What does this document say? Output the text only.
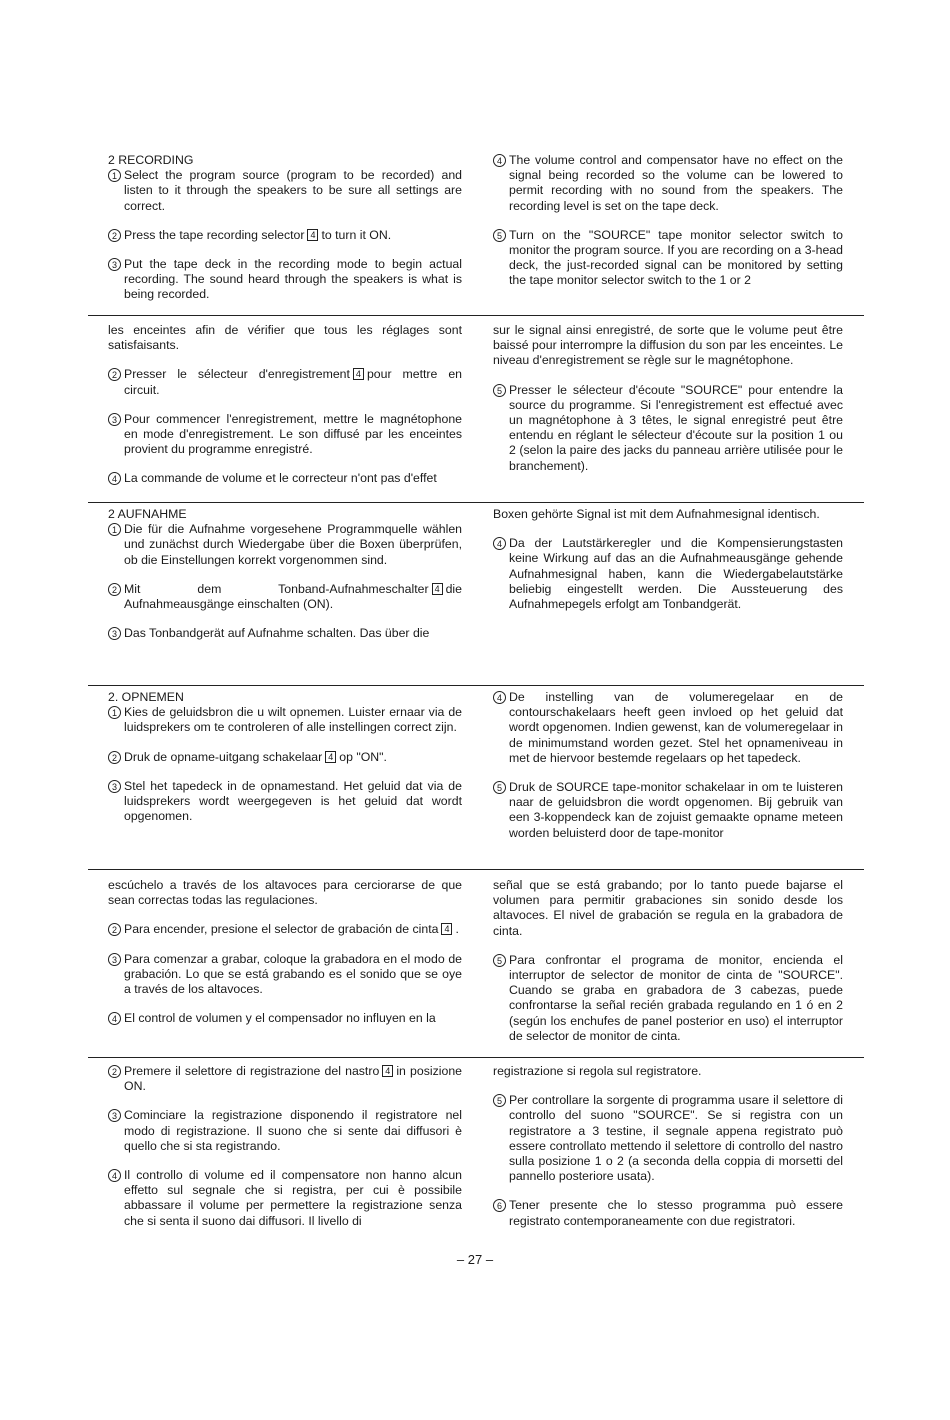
2 RECORDING
1 Select the program source (program to be recorded) and listen to it through the speakers to be sure all settings are correct.
2 Press the tape recording selector 4 to turn it ON.
3 Put the tape deck in the recording mode to begin actual recording. The sound heard through the speakers is what is being recorded.
4 The volume control and compensator have no effect on the signal being recorded so the volume can be lowered to permit recording with no sound from the speakers. The recording level is set on the tape deck.
5 Turn on the "SOURCE" tape monitor selector switch to monitor the program source. If you are recording on a 3-head deck, the just-recorded signal can be monitored by setting the tape monitor selector switch to the 1 or 2
les enceintes afin de vérifier que tous les réglages sont satisfaisants.
2 Presser le sélecteur d'enregistrement 4 pour mettre en circuit.
3 Pour commencer l'enregistrement, mettre le magnétophone en mode d'enregistrement. Le son diffusé par les enceintes provient du programme enregistré.
4 La commande de volume et le correcteur n'ont pas d'effet
sur le signal ainsi enregistré, de sorte que le volume peut être baissé pour interrompre la diffusion du son par les enceintes. Le niveau d'enregistrement se règle sur le magnétophone.
5 Presser le sélecteur d'écoute "SOURCE" pour entendre la source du programme. Si l'enregistrement est effectué avec un magnétophone à 3 têtes, le signal enregistré peut être entendu en réglant le sélecteur d'écoute sur la position 1 ou 2 (selon la paire des jacks du panneau arrière utilisée pour le branchement).
2 AUFNAHME
1 Die für die Aufnahme vorgesehene Programmquelle wählen und zunächst durch Wiedergabe über die Boxen überprüfen, ob die Einstellungen korrekt vorgenommen sind.
2 Mit dem Tonband-Aufnahmeschalter 4 die Aufnahmeausgänge einschalten (ON).
3 Das Tonbandgerät auf Aufnahme schalten. Das über die
Boxen gehörte Signal ist mit dem Aufnahmesignal identisch.
4 Da der Lautstärkeregler und die Kompensierungstasten keine Wirkung auf das an die Aufnahmeausgänge gehende Aufnahmesignal haben, kann die Wiedergabelautstärke beliebig eingestellt werden. Die Aussteuerung des Aufnahmepegels erfolgt am Tonbandgerät.
2. OPNEMEN
1 Kies de geluidsbron die u wilt opnemen. Luister ernaar via de luidsprekers om te controleren of alle instellingen correct zijn.
2 Druk de opname-uitgang schakelaar 4 op "ON".
3 Stel het tapedeck in de opnamestand. Het geluid dat via de luidsprekers wordt weergegeven is het geluid dat wordt opgenomen.
4 De instelling van de volumeregelaar en de contourschakelaars heeft geen invloed op het geluid dat wordt opgenomen. Indien gewenst, kan de volumeregelaar in de minimumstand worden gezet. Stel het opnameniveau in met de hiervoor bestemde regelaars op het tapedeck.
5 Druk de SOURCE tape-monitor schakelaar in om te luisteren naar de geluidsbron die wordt opgenomen. Bij gebruik van een 3-koppendeck kan de zojuist gemaakte opname meteen worden beluisterd door de tape-monitor
escúchelo a través de los altavoces para cerciorarse de que sean correctas todas las regulaciones.
2 Para encender, presione el selector de grabación de cinta 4 .
3 Para comenzar a grabar, coloque la grabadora en el modo de grabación. Lo que se está grabando es el sonido que se oye a través de los altavoces.
4 El control de volumen y el compensador no influyen en la
señal que se está grabando; por lo tanto puede bajarse el volumen para permitir grabaciones sin sonido desde los altavoces. El nivel de grabación se regula en la grabadora de cinta.
5 Para confrontar el programa de monitor, encienda el interruptor de selector de monitor de cinta de "SOURCE". Cuando se graba en grabadora de 3 cabezas, puede confrontarse la señal recién grabada regulando en 1 ó en 2 (según los enchufes de panel posterior en uso) el interruptor de selector de monitor de cinta.
2 Premere il selettore di registrazione del nastro 4 in posizione ON.
3 Cominciare la registrazione disponendo il registratore nel modo di registrazione. Il suono che si sente dai diffusori è quello che si sta registrando.
4 Il controllo di volume ed il compensatore non hanno alcun effetto sul segnale che si registra, per cui è possibile abbassare il volume per permettere la registrazione senza che si senta il suono dai diffusori. Il livello di
registrazione si regola sul registratore.
5 Per controllare la sorgente di programma usare il selettore di controllo del suono "SOURCE". Se si registra con un registratore a 3 testine, il segnale appena registrato può essere controllato mettendo il selettore di controllo del nastro sulla posizione 1 o 2 (a seconda della coppia di morsetti del pannello posteriore usata).
6 Tener presente che lo stesso programma può essere registrato contemporaneamente con due registratori.
– 27 –
